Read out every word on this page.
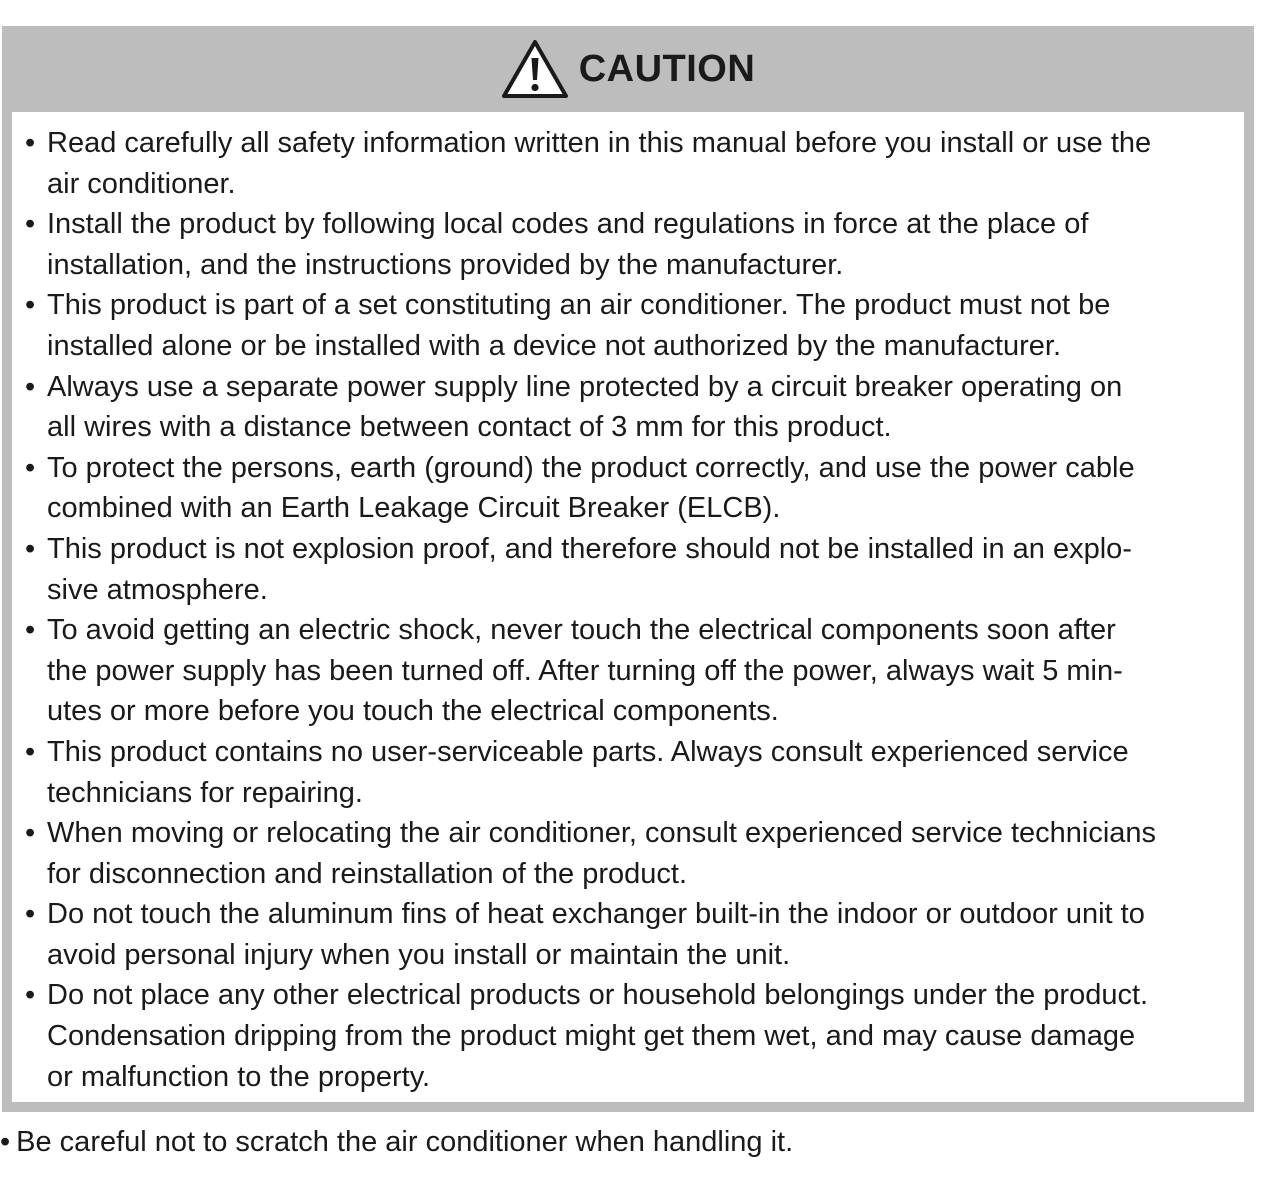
CAUTION
• Read carefully all safety information written in this manual before you install or use the
air conditioner.
• Install the product by following local codes and regulations in force at the place of
installation, and the instructions provided by the manufacturer.
• This product is part of a set constituting an air conditioner. The product must not be
installed alone or be installed with a device not authorized by the manufacturer.
• Always use a separate power supply line protected by a circuit breaker operating on
all wires with a distance between contact of 3 mm for this product.
• To protect the persons, earth (ground) the product correctly, and use the power cable
combined with an Earth Leakage Circuit Breaker (ELCB).
• This product is not explosion proof, and therefore should not be installed in an explo-
sive atmosphere.
• To avoid getting an electric shock, never touch the electrical components soon after
the power supply has been turned off. After turning off the power, always wait 5 min-
utes or more before you touch the electrical components.
• This product contains no user-serviceable parts. Always consult experienced service
technicians for repairing.
• When moving or relocating the air conditioner, consult experienced service technicians
for disconnection and reinstallation of the product.
• Do not touch the aluminum fins of heat exchanger built-in the indoor or outdoor unit to
avoid personal injury when you install or maintain the unit.
• Do not place any other electrical products or household belongings under the product.
Condensation dripping from the product might get them wet, and may cause damage
or malfunction to the property.
• Be careful not to scratch the air conditioner when handling it.
